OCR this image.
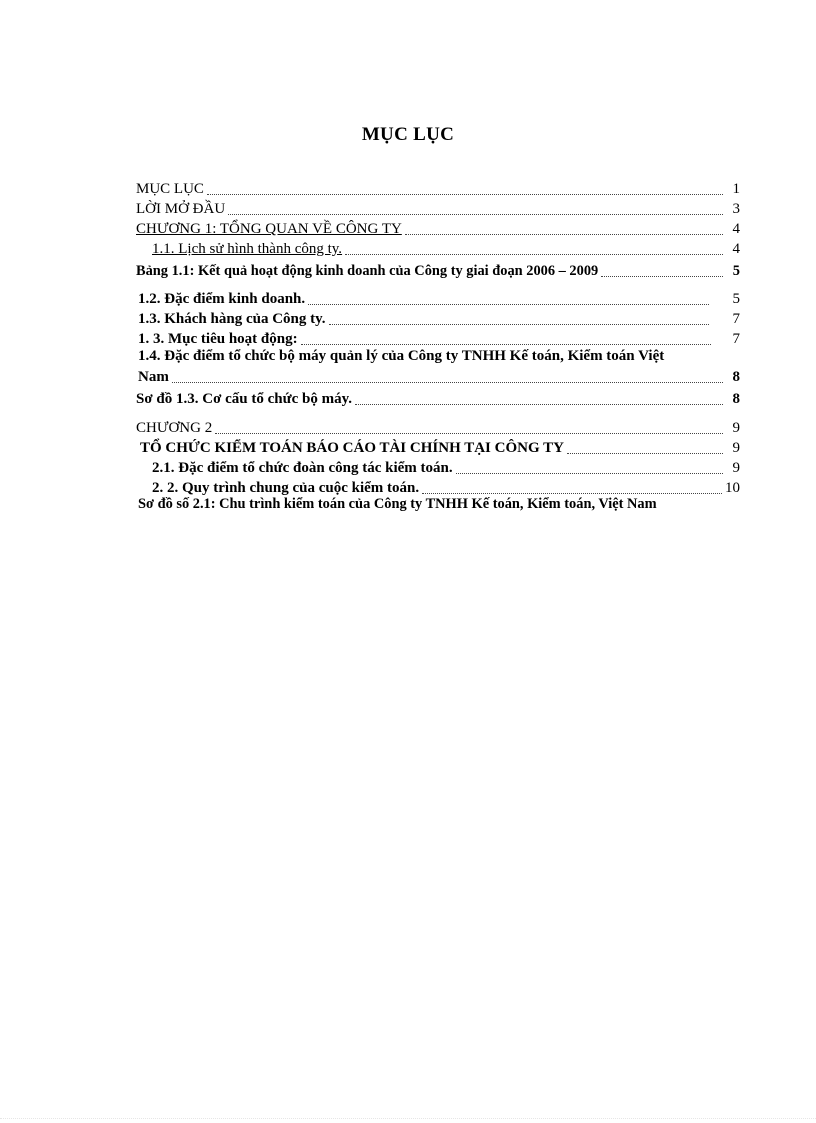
MỤC LỤC
MỤC LỤC	1
LỜI MỞ ĐẦU	3
CHƯƠNG 1: TỔNG QUAN VỀ CÔNG TY	4
1.1. Lịch sử hình thành công ty.	4
Bảng 1.1: Kết quả hoạt động kinh doanh của Công ty giai đoạn 2006 – 2009	5
1.2. Đặc điểm kinh doanh.	5
1.3. Khách hàng của Công ty.	7
1. 3. Mục tiêu hoạt động:	7
1.4. Đặc điểm tổ chức bộ máy quản lý của Công ty TNHH Kế toán, Kiểm toán Việt
Nam	8
Sơ đồ 1.3. Cơ cấu tổ chức bộ máy.	8
CHƯƠNG 2	9
TỔ CHỨC KIỂM TOÁN BÁO CÁO TÀI CHÍNH TẠI CÔNG TY	9
2.1. Đặc điểm tổ chức đoàn công tác kiểm toán.	9
2. 2. Quy trình chung của cuộc kiểm toán.	10
Sơ đồ số 2.1: Chu trình kiểm toán của Công ty TNHH Kế toán, Kiểm toán, Việt Nam
